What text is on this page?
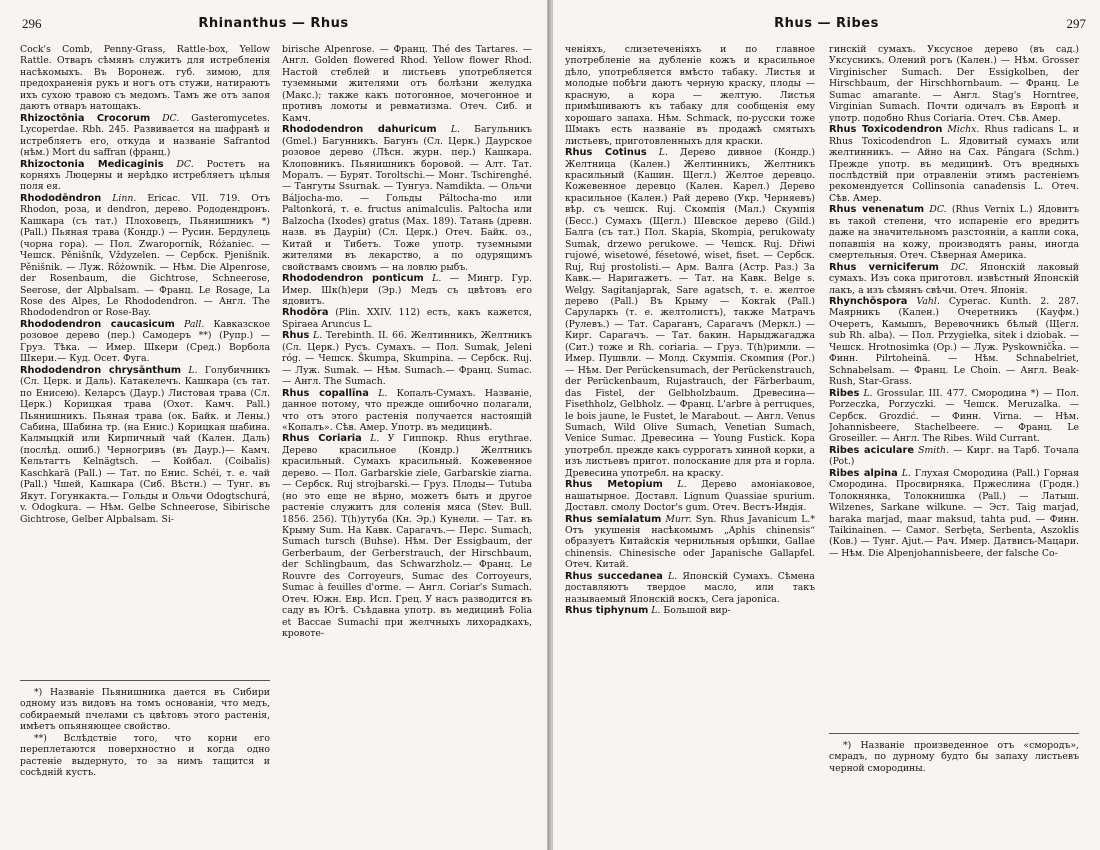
296	Rhinanthus — Rhus

Cock's Comb, Penny-Grass, Rattle-box, Yellow Rattle. Отваръ сѣмянъ служитъ для истребленія насѣкомыхъ. Въ Воронеж. губ. зимою, для предохраненія рукъ и ногъ отъ стужи, натираютъ ихъ сухою травою съ медомъ. Тамъ же отъ запоя даютъ отваръ натощакъ.

Rhizoctōnia Crocorum DC. Gasteromycetes. Lycoperdae. Rbh. 245. Развивается на шафранѣ и истребляетъ его, откуда и названіе Safrantod (нѣм.) Mort du saffran (франц.)

Rhizoctonia Medicaginis DC. Ростетъ на корняхъ Люцерны и нерѣдко истребляетъ цѣлыя поля ея.

Rhododēndron Linn. Ericac. VII. 719. Отъ Rhodon, роза, и dendron, дерево. Рододендронъ. Кашкара (съ тат.) Плоховецъ, Пьянишникъ *) (Pall.) Пьяная трава (Кондр.) — Русин. Бердулець (чорна гора). — Пол. Zwaroporník, Różaniec. — Чешск. Pěnišník, Vždyzelen. — Сербск. Pjenišnik. Pěnišnik. — Луж. Rôżownik. — Нѣм. Die Alpenrose, der Rosenbaum, die Gichtrose, Schneerose, Seerose, der Alpbalsam. — Франц. Le Rosage, La Rose des Alpes, Le Rhododendron. — Англ. The Rhododendron or Rose-Bay.

Rhododendron caucasicum Pall. Кавказское розовое дерево (пер.) Самодеръ **) (Рупр.) — Груз. Тѣка. — Имер. Шкери (Сред.) Ворбола Шкери.— Куд. Осет. Фуга.

Rhododendron chrysānthum L. Голубичникъ (Сл. Церк. и Даль). Катакелечъ. Кашкара (съ тат. по Енисею). Келарсъ (Даур.) Листовая трава (Сл. Церк.) Корицкая трава (Охот. Камч. Pall.) Пьянишникъ. Пьяная трава (ок. Байк. и Лены.) Сабина, Шабина тр. (на Енис.) Корицкая шабина. Калмыцкій или Кирпичный чай (Кален. Даль) (послѣд. ошиб.) Черногривъ (въ Даур.)— Камч. Кельтагтъ Kelnägtsch. — Койбал. (Coibalis) Kaschkarä (Pall.) — Тат. по Енис. Schéi, т. е. чай (Pall.) Чшей, Кашкара (Сиб. Вѣстн.) — Тунг. въ Якут. Гогункакта.— Гольды и Ольчи Odogtschurá, v. Odogkura. — Нѣм. Gelbe Schneerose, Sibirische Gichtrose, Gelber Alpbalsam. Si-

birische Alpenrose. — Франц. Thé des Tartares. — Англ. Golden flowered Rhod. Yellow flower Rhod. Настой стеблей и листьевъ употребляется туземными жителями отъ болѣзни желудка (Макс.); также какъ потогонное, мочегонное и противъ ломоты и ревматизма. Отеч. Сиб. и Камч.

Rhododendron dahuricum L. Багульникъ (Gmel.) Багунникъ. Багунъ (Сл. Церк.) Даурское розовое дерево (Лѣсн. журн. пер.) Кашкара. Клоповникъ. Пьянишникъ боровой. — Алт. Тат. Моралъ. — Бурят. Toroltschi.— Монг. Tschirenghé. — Тангуты Ssurnak. — Тунгуз. Namdikta. — Ольчи Báljocha-mo. — Гольды Páltocha-mo или Paltonkorá, т. е. fructus animalculis. Paltocha или Balzocha (Ixodes) gratus (Max. 189). Татань (древн. назв. въ Дауріи) (Сл. Церк.) Отеч. Байк. оз., Китай и Тибетъ. Тоже употр. туземными жителями въ лекарство, а по одурящимъ свойствамъ своимъ — на ловлю рыбъ.

Rhododendron ponticum L. — Мингр. Гур. Имер. Шк(h)ери (Эр.) Медъ съ цвѣтовъ его ядовитъ.

Rhodōra (Plin. XXIV. 112) есть, какъ кажется, Spiraea Aruncus L.

Rhus L. Terebinth. II. 66. Желтинникъ, Желтникъ (Сл. Церк.) Русъ. Сумахъ. — Пол. Sumak, Jeleni róg. — Чешск. Škumpa, Skumpina. — Сербск. Ruj. — Луж. Sumak. — Нѣм. Sumach.— Франц. Sumac. — Англ. The Sumach.

Rhus copallīna L. Копалъ-Сумахъ. Названіе, данное потому, что прежде ошибочно полагали, что отъ этого растенія получается настоящій «Копалъ». Сѣв. Амер. Употр. въ медицинѣ.

Rhus Coriaria L. У Гиппокр. Rhus erythrae. Дерево красильное (Кондр.) Желтникъ красильный. Сумахъ красильный. Кожевенное дерево. — Пол. Garbarskie ziele, Garbarskie ziarna. — Сербск. Ruj strojbarski.— Груз. Плоды— Tutuba (но это еще не вѣрно, можетъ быть и другое растеніе служитъ для соленія мяса (Stev. Bull. 1856. 256). Т(h)утуба (Кн. Эр.) Кунели. — Тат. въ Крыму Sum. На Кавк. Сарагачъ.— Перс. Sumach, Sumach tursch (Buhse). Нѣм. Der Essigbaum, der Gerberbaum, der Gerberstrauch, der Hirschbaum, der Schlingbaum, das Schwarzholz.— Франц. Le Rouvre des Corroyeurs, Sumac des Corroyeurs, Sumac à feuilles d'orme. — Англ. Coriar's Sumach. Отеч. Южн. Евр. Исп. Грец. У насъ разводится въ саду въ Югѣ. Съѣдавна употр. въ медицинѣ Folia et Baccae Sumachi при желчныхъ лихорадкахъ, кровоте-

*) Названіе Пьянишника дается въ Сибири одному изъ видовъ на томъ основаніи, что медъ, собираемый пчелами съ цвѣтовъ этого растенія, имѣетъ опьяняющее свойство.

**) Вслѣдствіе того, что корни его переплетаются поверхностно и когда одно растеніе выдернуто, то за нимъ тащится и сосѣдній кустъ.

Rhus — Ribes	297

ченіяхъ, слизетеченіяхъ и по главное употребленіе на дубленіе кожъ и красильное дѣло, употребляется вмѣсто табаку. Листья и молодые побѣги даютъ черную краску, плоды — красную, а кора — желтую. Листья примѣшиваютъ къ табаку для сообщенія ему хорошаго запаха. Нѣм. Schmack, по-русски тоже Шмакъ есть названіе въ продажѣ смятыхъ листьевъ, приготовленныхъ для краски.

Rhus Cotinus L. Дерево дивное (Кондр.) Желтница (Кален.) Желтинникъ, Желтникъ красильный (Кашин. Щегл.) Желтое деревцо. Кожевенное деревцо (Кален. Карел.) Дерево красильное (Кален.) Рай дерево (Укр. Черняевъ) вѣр. съ чешск. Ruj. Скомпія (Мал.) Скумпія (Бесс.) Сумахъ (Щегл.) Шевское дерево (Gild.) Балга (съ тат.) Пол. Skapia, Skompia, perukowaty Sumak, drzewo perukowe. — Чешск. Ruj. Dřiwi rujowé, wisetowé, fésetowé, wiset, fiset. — Сербск. Ruj, Ruj prostolisti.— Арм. Валга (Астр. Раз.) За Кавк.— Наригажетъ. — Тат. на Кавк. Belge s. Welgy. Sagitanjaprak, Sare agatsch, т. е. желтое дерево (Pall.) Въ Крыму — Кокrak (Pall.) Саруларкъ (т. е. желтолистъ), также Матрачъ (Рулевъ.) — Тат. Сараганъ, Сарагачъ (Меркл.) — Кирг. Сарагачъ. — Тат. бакин. Нарыджагаджа (Сит.) тоже и Rh. coriaria. — Груз. Т(h)римли. — Имер. Пушвли. — Молд. Скумпiя. Скомпия (Рог.) — Нѣм. Der Perückensumach, der Perückenstrauch, der Perückenbaum, Rujastrauch, der Färberbaum, das Fistel, der Gelbholzbaum. Древесина—Fisethholz, Gelbholz. — Франц. L'arbre à perruques, le bois jaune, le Fustet, le Marabout. — Англ. Venus Sumach, Wild Olive Sumach, Venetian Sumach, Venice Sumac. Древесина — Young Fustick. Кора употребл. прежде какъ суррогатъ хинной корки, а изъ листьевъ пригот. полоскание для рта и горла. Древесина употребл. на краску.

Rhus Metopium L. Дерево амоніаковое, нашатырное. Доставл. Lignum Quassiae spurium. Доставл. смолу Doctor's gum. Отеч. Вестъ-Индія.

Rhus semialatum Murr. Syn. Rhus Javanicum L.* Отъ укушенія насѣкомымъ „Aphis chinensis“ образуетъ Китайскія чернильныя орѣшки, Gallae chinensis. Chinesische oder Japanische Gallapfel. Отеч. Китай.

Rhus succedanea L. Японскій Сумахъ. Сѣмена доставляютъ твердое масло, или такъ называемый Японскій воскъ, Cera japonica.

Rhus tiphynum L. Большой вир-

гинскій сумахъ. Уксусное дерево (въ сад.) Уксусникъ. Олений рогъ (Кален.) — Нѣм. Grosser Virginischer Sumach. Der Essigkolben, der Hirschbaum, der Hirschhornbaum. — Франц. Le Sumac amarante. — Англ. Stag's Horntree, Virginian Sumach. Почти одичалъ въ Европѣ и употр. подобно Rhus Coriaria. Отеч. Сѣв. Амер.

Rhus Toxicodendron Michx. Rhus radicans L. и Rhus Toxicodendron L. Ядовитый сумахъ или желтинникъ. — Айно на Сах. Pángara (Schm.) Прежде употр. въ медицинѣ. Отъ вредныхъ послѣдствій при отравленіи этимъ растеніемъ рекомендуется Collinsonia canadensis L. Отеч. Сѣв. Амер.

Rhus venenatum DC. (Rhus Vernix L.) Ядовитъ въ такой степени, что испареніе его вредитъ даже на значительномъ разстояніи, а капли сока, попавшія на кожу, производятъ раны, иногда смертельныя. Отеч. Сѣверная Америка.

Rhus verniciferum DC. Японскій лаковый сумахъ. Изъ сока приготовл. извѣстный Японскій лакъ, а изъ сѣмянъ свѣчи. Отеч. Японія.

Rhynchōspora Vahl. Cyperac. Kunth. 2. 287. Маярникъ (Кален.) Очеретникъ (Кауфм.) Очеретъ, Камышъ, Веревочникъ бѣлый (Щегл. sub Rh. alba). — Пол. Przygiełka, sitek i dziobak. — Чешск. Hrotnosimka (Op.) — Луж. Pyskowničk̃a. — Финн. Pilrtoheinä. — Нѣм. Schnabelriet, Schnabelsam. — Франц. Le Choin. — Англ. Beak-Rush, Star-Grass.

Ribes L. Grossular. III. 477. Смородина *) — Пол. Porzeczka, Porzyczki. — Чешск. Meruzalka. — Сербск. Grozdić. — Финн. Virna. — Нѣм. Johannisbeere, Stachelbeere. — Франц. Le Groseiller. — Англ. The Ribes. Wild Currant.

Ribes aciculare Smith. — Кирг. на Тарб. Точала (Pot.)

Ribes alpina L. Глухая Смородина (Pall.) Горная Смородина. Просвирняка. Пржеслина (Гродн.) Толокнянка, Толокнишка (Pall.) — Латыш. Wilzenes, Sarkane wilkune. — Эст. Taig marjad, haraka marjad, maar maksud, tahta pud. — Финн. Taikinainen. — Самог. Serbęta, Serbenta, Aszoklis (Ков.) — Тунг. Ajut.— Рач. Имер. Датвисъ-Мацари. — Нѣм. Die Alpenjohannisbeere, der falsche Co-

*) Названіе произведенное отъ «смородъ», смрадъ, по дурному будто бы запаху листьевъ черной смородины.
